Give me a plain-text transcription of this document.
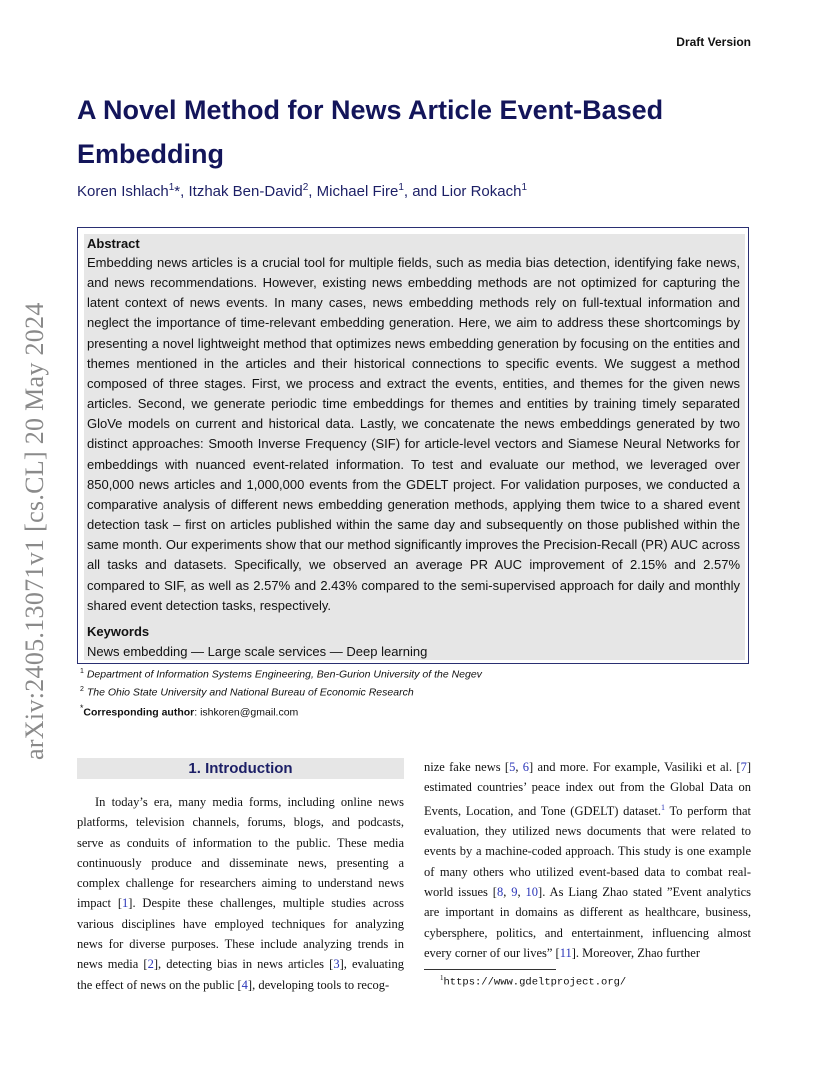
Draft Version
A Novel Method for News Article Event-Based Embedding
Koren Ishlach$^1$*, Itzhak Ben-David$^2$, Michael Fire$^1$, and Lior Rokach$^1$
Abstract
Embedding news articles is a crucial tool for multiple fields, such as media bias detection, identifying fake news, and news recommendations. However, existing news embedding methods are not optimized for capturing the latent context of news events. In many cases, news embedding methods rely on full-textual information and neglect the importance of time-relevant embedding generation. Here, we aim to address these shortcomings by presenting a novel lightweight method that optimizes news embedding generation by focusing on the entities and themes mentioned in the articles and their historical connections to specific events. We suggest a method composed of three stages. First, we process and extract the events, entities, and themes for the given news articles. Second, we generate periodic time embeddings for themes and entities by training timely separated GloVe models on current and historical data. Lastly, we concatenate the news embeddings generated by two distinct approaches: Smooth Inverse Frequency (SIF) for article-level vectors and Siamese Neural Networks for embeddings with nuanced event-related information. To test and evaluate our method, we leveraged over 850,000 news articles and 1,000,000 events from the GDELT project. For validation purposes, we conducted a comparative analysis of different news embedding generation methods, applying them twice to a shared event detection task – first on articles published within the same day and subsequently on those published within the same month. Our experiments show that our method significantly improves the Precision-Recall (PR) AUC across all tasks and datasets. Specifically, we observed an average PR AUC improvement of 2.15% and 2.57% compared to SIF, as well as 2.57% and 2.43% compared to the semi-supervised approach for daily and monthly shared event detection tasks, respectively.
Keywords
News embedding — Large scale services — Deep learning
$^1$ Department of Information Systems Engineering, Ben-Gurion University of the Negev
$^2$ The Ohio State University and National Bureau of Economic Research
*Corresponding author: ishkoren@gmail.com
arXiv:2405.13071v1 [cs.CL] 20 May 2024
1. Introduction
In today’s era, many media forms, including online news platforms, television channels, forums, blogs, and podcasts, serve as conduits of information to the public. These media continuously produce and disseminate news, presenting a complex challenge for researchers aiming to understand news impact [1]. Despite these challenges, multiple studies across various disciplines have employed techniques for analyzing news for diverse purposes. These include analyzing trends in news media [2], detecting bias in news articles [3], evaluating the effect of news on the public [4], developing tools to recog-
nize fake news [5, 6] and more. For example, Vasiliki et al. [7] estimated countries’ peace index out from the Global Data on Events, Location, and Tone (GDELT) dataset.$^1$ To perform that evaluation, they utilized news documents that were related to events by a machine-coded approach. This study is one example of many others who utilized event-based data to combat real-world issues [8, 9, 10]. As Liang Zhao stated ”Event analytics are important in domains as different as healthcare, business, cybersphere, politics, and entertainment, influencing almost every corner of our lives” [11]. Moreover, Zhao further
$^1$https://www.gdeltproject.org/
